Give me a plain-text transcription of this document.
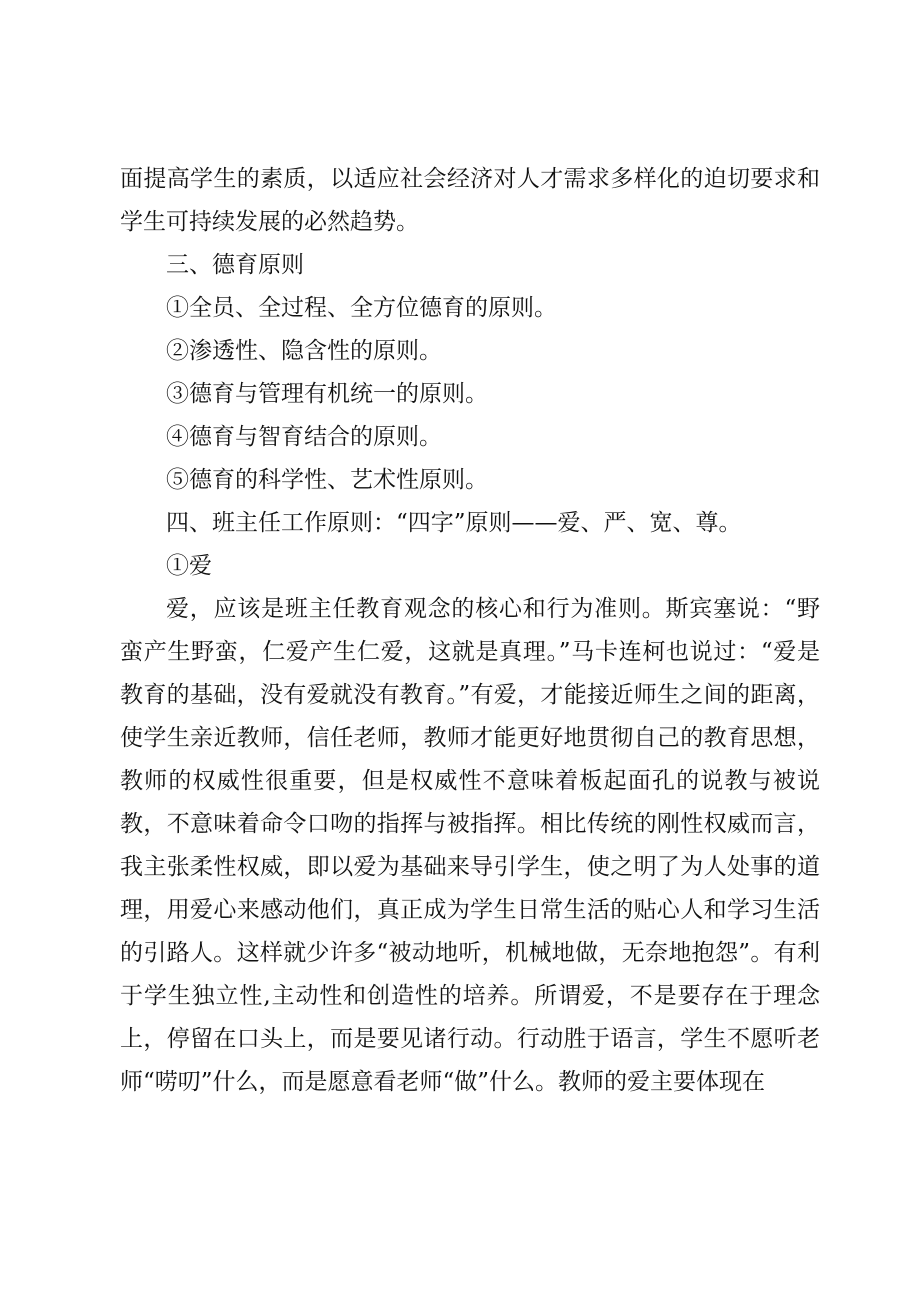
面提高学生的素质，以适应社会经济对人才需求多样化的迫切要求和学生可持续发展的必然趋势。

三、德育原则

①全员、全过程、全方位德育的原则。

②渗透性、隐含性的原则。

③德育与管理有机统一的原则。

④德育与智育结合的原则。

⑤德育的科学性、艺术性原则。

四、班主任工作原则：“四字”原则——爱、严、宽、尊。

①爱

爱，应该是班主任教育观念的核心和行为准则。斯宾塞说：“野蛮产生野蛮，仁爱产生仁爱，这就是真理。”马卡连柯也说过：“爱是教育的基础，没有爱就没有教育。”有爱，才能接近师生之间的距离，使学生亲近教师，信任老师，教师才能更好地贯彻自己的教育思想，教师的权威性很重要，但是权威性不意味着板起面孔的说教与被说教，不意味着命令口吻的指挥与被指挥。相比传统的刚性权威而言，我主张柔性权威，即以爱为基础来导引学生，使之明了为人处事的道理，用爱心来感动他们，真正成为学生日常生活的贴心人和学习生活的引路人。这样就少许多“被动地听，机械地做，无奈地抱怨”。有利于学生独立性,主动性和创造性的培养。所谓爱，不是要存在于理念上，停留在口头上，而是要见诸行动。行动胜于语言，学生不愿听老师“唠叨”什么，而是愿意看老师“做”什么。教师的爱主要体现在
